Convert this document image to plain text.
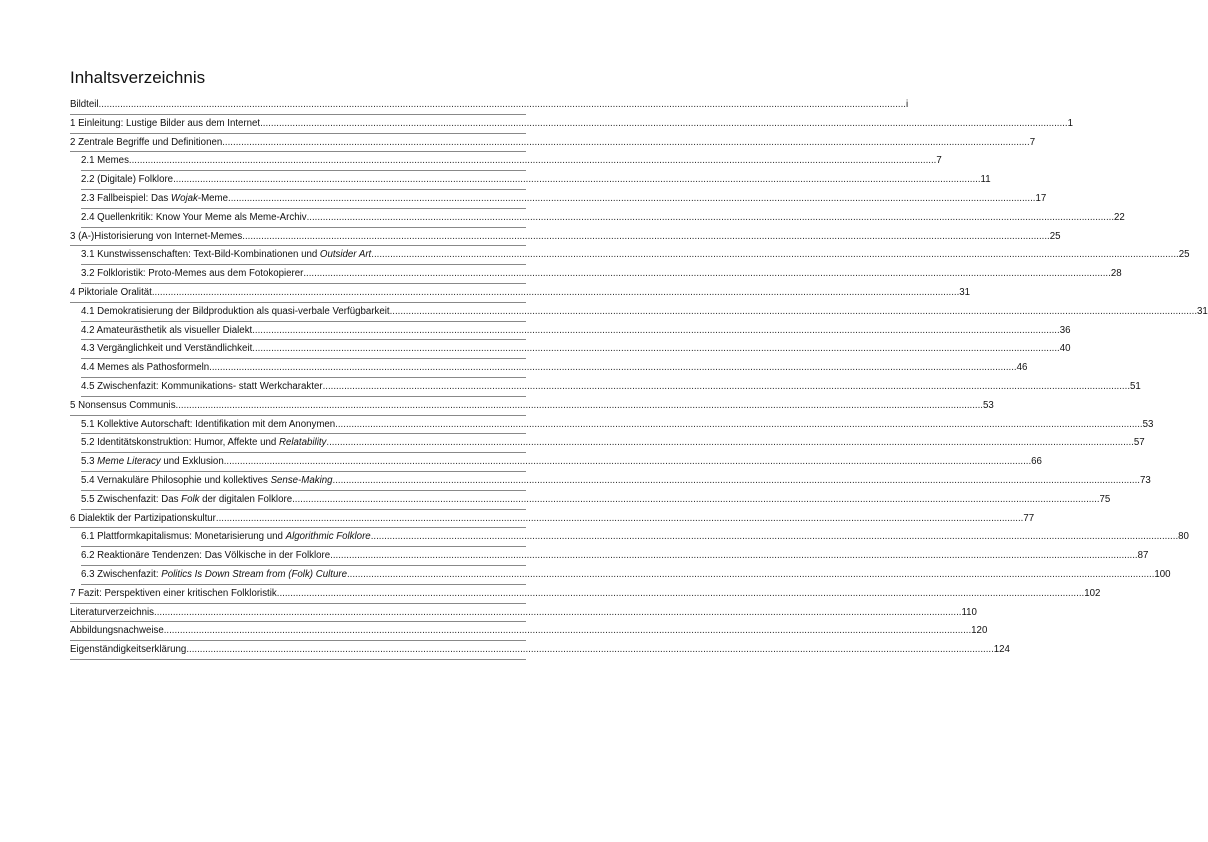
Inhaltsverzeichnis
Bildteil ............................................................................................................................................................................................................................................................................................................ i
1 Einleitung: Lustige Bilder aus dem Internet ............................................................................................................................................................................................................................................................................................................ 1
2 Zentrale Begriffe und Definitionen ............................................................................................................................................................................................................................................................................................................ 7
2.1 Memes ............................................................................................................................................................................................................................................................................................................ 7
2.2 (Digitale) Folklore ............................................................................................................................................................................................................................................................................................................ 11
2.3 Fallbeispiel: Das Wojak-Meme ............................................................................................................................................................................................................................................................................................................ 17
2.4 Quellenkritik: Know Your Meme als Meme-Archiv ............................................................................................................................................................................................................................................................................................................ 22
3 (A-)Historisierung von Internet-Memes ............................................................................................................................................................................................................................................................................................................ 25
3.1 Kunstwissenschaften: Text-Bild-Kombinationen und Outsider Art ............................................................................................................................................................................................................................................................................................................ 25
3.2 Folkloristik: Proto-Memes aus dem Fotokopierer ............................................................................................................................................................................................................................................................................................................ 28
4 Piktoriale Oralität ............................................................................................................................................................................................................................................................................................................ 31
4.1 Demokratisierung der Bildproduktion als quasi-verbale Verfügbarkeit ............................................................................................................................................................................................................................................................................................................ 31
4.2 Amateurästhetik als visueller Dialekt ............................................................................................................................................................................................................................................................................................................ 36
4.3 Vergänglichkeit und Verständlichkeit ............................................................................................................................................................................................................................................................................................................ 40
4.4 Memes als Pathosformeln ............................................................................................................................................................................................................................................................................................................ 46
4.5 Zwischenfazit: Kommunikations- statt Werkcharakter ............................................................................................................................................................................................................................................................................................................ 51
5 Nonsensus Communis ............................................................................................................................................................................................................................................................................................................ 53
5.1 Kollektive Autorschaft: Identifikation mit dem Anonymen ............................................................................................................................................................................................................................................................................................................ 53
5.2 Identitätskonstruktion: Humor, Affekte und Relatability ............................................................................................................................................................................................................................................................................................................ 57
5.3 Meme Literacy und Exklusion ............................................................................................................................................................................................................................................................................................................ 66
5.4 Vernakuläre Philosophie und kollektives Sense-Making ............................................................................................................................................................................................................................................................................................................ 73
5.5 Zwischenfazit: Das Folk der digitalen Folklore ............................................................................................................................................................................................................................................................................................................ 75
6 Dialektik der Partizipationskultur ............................................................................................................................................................................................................................................................................................................ 77
6.1 Plattformkapitalismus: Monetarisierung und Algorithmic Folklore ............................................................................................................................................................................................................................................................................................................ 80
6.2 Reaktionäre Tendenzen: Das Völkische in der Folklore ............................................................................................................................................................................................................................................................................................................ 87
6.3 Zwischenfazit: Politics Is Down Stream from (Folk) Culture ............................................................................................................................................................................................................................................................................................................ 100
7 Fazit: Perspektiven einer kritischen Folkloristik ............................................................................................................................................................................................................................................................................................................ 102
Literaturverzeichnis ............................................................................................................................................................................................................................................................................................................ 110
Abbildungsnachweise ............................................................................................................................................................................................................................................................................................................ 120
Eigenständigkeitserklärung ............................................................................................................................................................................................................................................................................................................ 124
